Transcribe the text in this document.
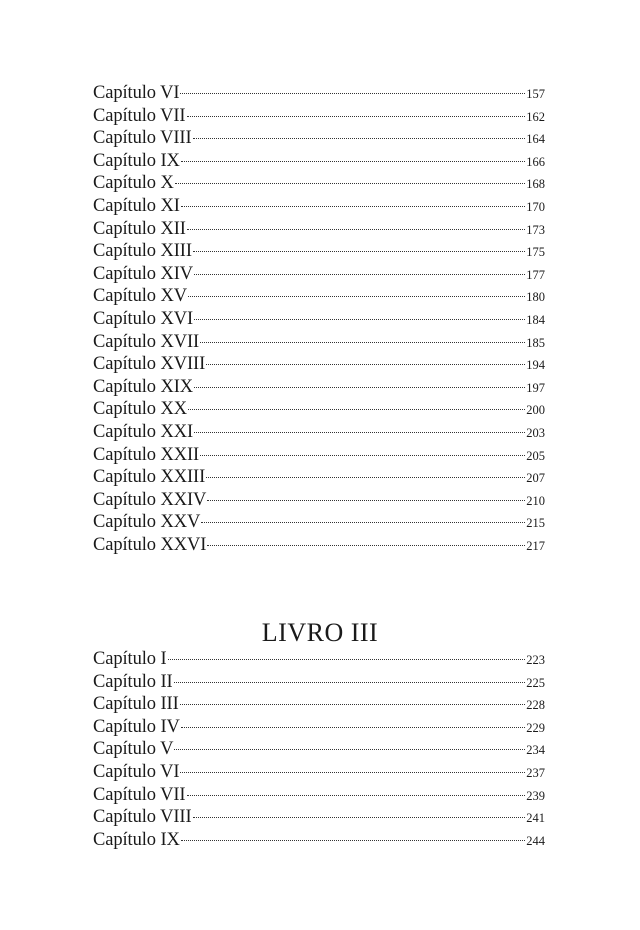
Capítulo VI	157
Capítulo VII	162
Capítulo VIII	164
Capítulo IX	166
Capítulo X	168
Capítulo XI	170
Capítulo XII	173
Capítulo XIII	175
Capítulo XIV	177
Capítulo XV	180
Capítulo XVI	184
Capítulo XVII	185
Capítulo XVIII	194
Capítulo XIX	197
Capítulo XX	200
Capítulo XXI	203
Capítulo XXII	205
Capítulo XXIII	207
Capítulo XXIV	210
Capítulo XXV	215
Capítulo XXVI	217
LIVRO III
Capítulo I	223
Capítulo II	225
Capítulo III	228
Capítulo IV	229
Capítulo V	234
Capítulo VI	237
Capítulo VII	239
Capítulo VIII	241
Capítulo IX	244
